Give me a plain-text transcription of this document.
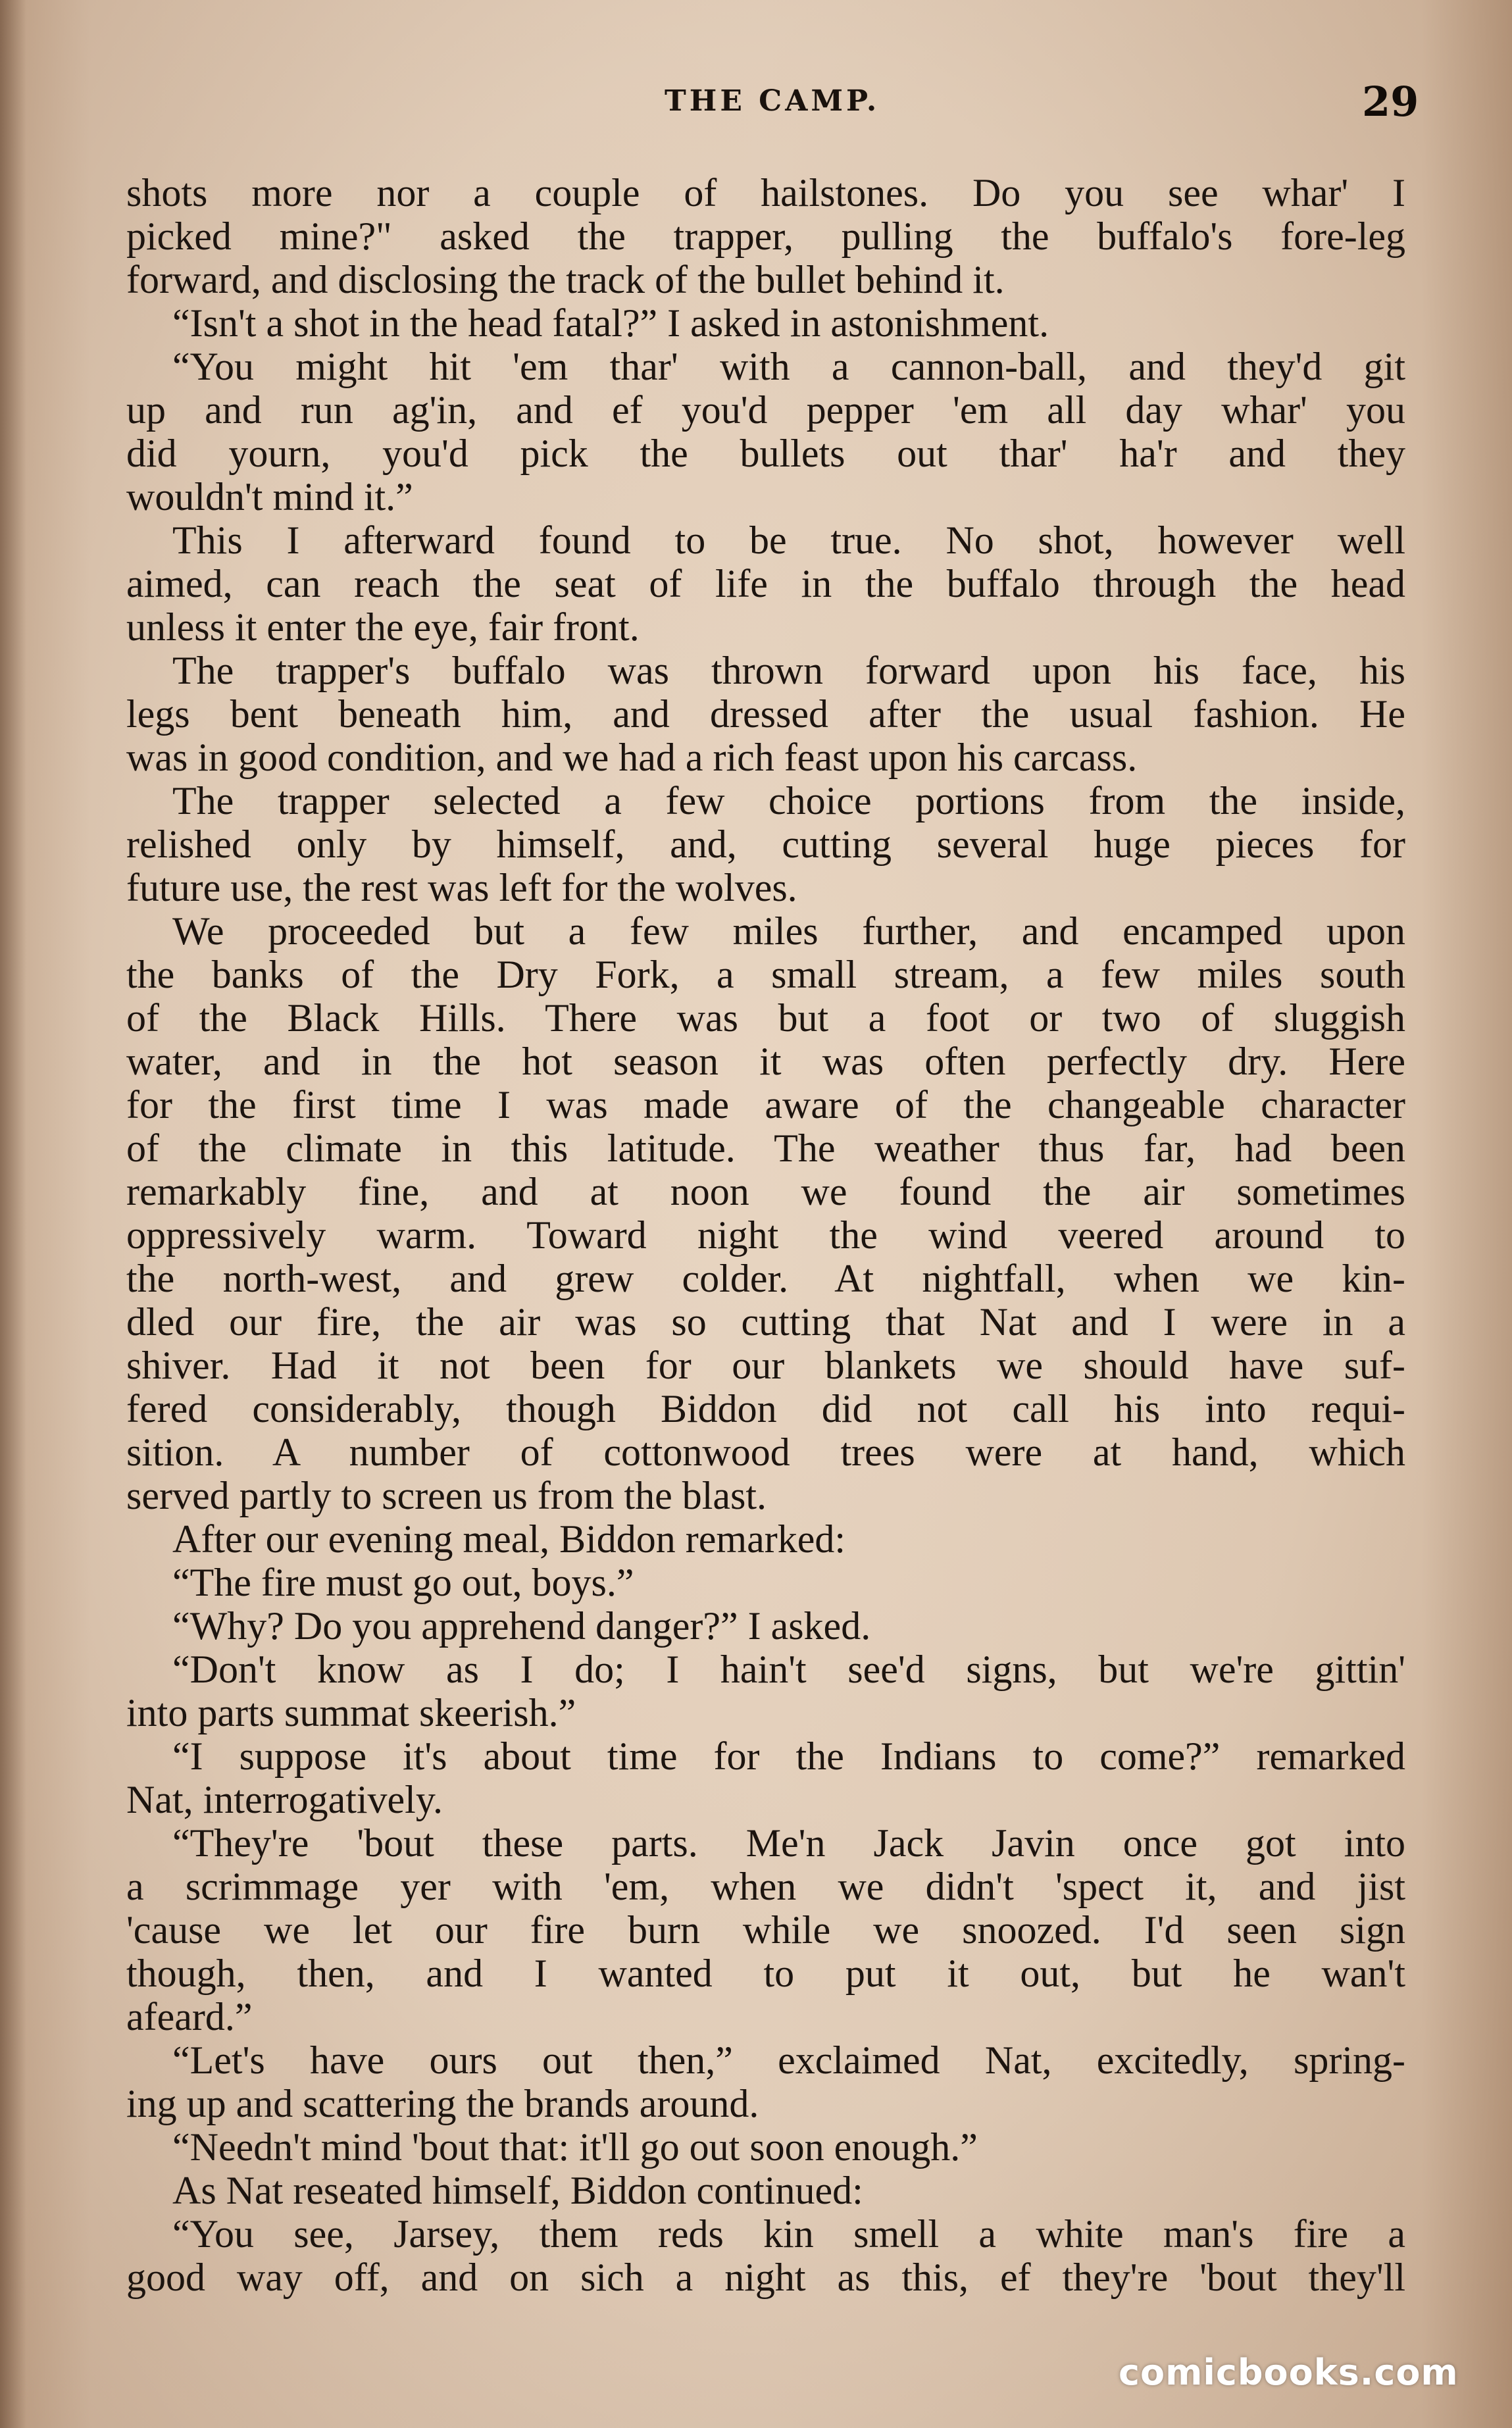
THE CAMP.	29
shots more nor a couple of hailstones. Do you see whar' I
picked mine?" asked the trapper, pulling the buffalo's fore-leg
forward, and disclosing the track of the bullet behind it.
“Isn't a shot in the head fatal?” I asked in astonishment.
“You might hit 'em thar' with a cannon-ball, and they'd git
up and run ag'in, and ef you'd pepper 'em all day whar' you
did yourn, you'd pick the bullets out thar' ha'r and they
wouldn't mind it.”
This I afterward found to be true. No shot, however well
aimed, can reach the seat of life in the buffalo through the head
unless it enter the eye, fair front.
The trapper's buffalo was thrown forward upon his face, his
legs bent beneath him, and dressed after the usual fashion. He
was in good condition, and we had a rich feast upon his carcass.
The trapper selected a few choice portions from the inside,
relished only by himself, and, cutting several huge pieces for
future use, the rest was left for the wolves.
We proceeded but a few miles further, and encamped upon
the banks of the Dry Fork, a small stream, a few miles south
of the Black Hills. There was but a foot or two of sluggish
water, and in the hot season it was often perfectly dry. Here
for the first time I was made aware of the changeable character
of the climate in this latitude. The weather thus far, had been
remarkably fine, and at noon we found the air sometimes
oppressively warm. Toward night the wind veered around to
the north-west, and grew colder. At nightfall, when we kin-
dled our fire, the air was so cutting that Nat and I were in a
shiver. Had it not been for our blankets we should have suf-
fered considerably, though Biddon did not call his into requi-
sition. A number of cottonwood trees were at hand, which
served partly to screen us from the blast.
After our evening meal, Biddon remarked:
“The fire must go out, boys.”
“Why? Do you apprehend danger?” I asked.
“Don't know as I do; I hain't see'd signs, but we're gittin'
into parts summat skeerish.”
“I suppose it's about time for the Indians to come?” remarked
Nat, interrogatively.
“They're 'bout these parts. Me'n Jack Javin once got into
a scrimmage yer with 'em, when we didn't 'spect it, and jist
'cause we let our fire burn while we snoozed. I'd seen sign
though, then, and I wanted to put it out, but he wan't
afeard.”
“Let's have ours out then,” exclaimed Nat, excitedly, spring-
ing up and scattering the brands around.
“Needn't mind 'bout that: it'll go out soon enough.”
As Nat reseated himself, Biddon continued:
“You see, Jarsey, them reds kin smell a white man's fire a
good way off, and on sich a night as this, ef they're 'bout they'll
comicbooks.com
